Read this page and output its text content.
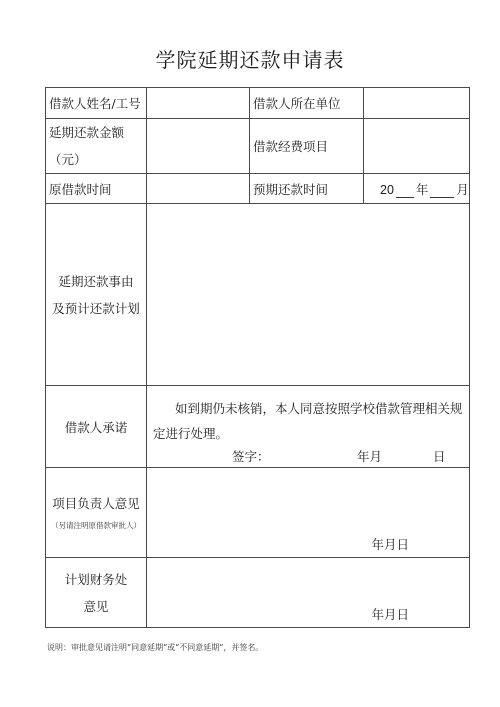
学院延期还款申请表
借款人姓名/工号		借款人所在单位	

延期还款金额
（元）		借款经费项目	
原借款时间		预期还款时间	20 年 月

延期还款事由
及预计还款计划			

借款人承诺	如到期仍未核销，本人同意按照学校借款管理相关规定进行处理。
签字： 年月 日		

项目负责人意见
（另请注明原借款审批人）	年月日		

计划财务处
意见	年月日		
说明：审批意见请注明“同意延期”或“不同意延期”，并签名。
